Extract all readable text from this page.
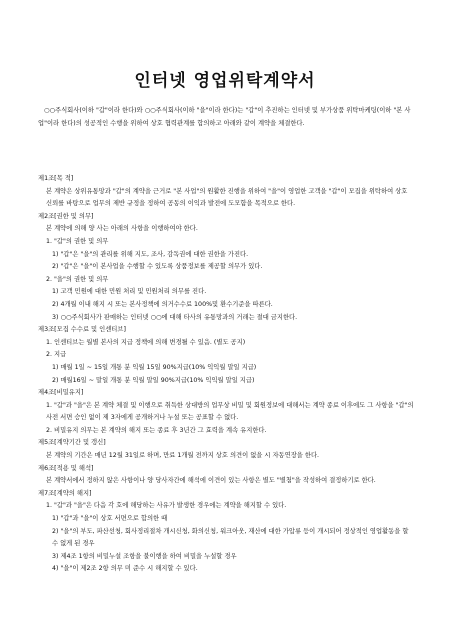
인터넷 영업위탁계약서
○○주식회사(이하 "갑"이라 한다)와 ○○주식회사(이하 "을"이라 한다)는 "갑"이 추진하는 인터넷 및 부가상품 위탁마케팅(이하 "본 사업"이라 한다)의 성공적인 수행을 위하여 상호 협력관계를 합의하고 아래와 같이 계약을 체결한다.
제1조[목 적]
본 계약은 상위유통망과 "갑"의 계약을 근거로 "본 사업"의 원활한 진행을 위하여 "을"이 영업한 고객을 "갑"이 모집을 위탁하여 상호 신뢰를 바탕으로 업무의 제반 규정을 정하여 공동의 이익과 발전에 도모함을 목적으로 한다.
제2조[권한 및 의무]
본 계약에 의해 양 사는 아래의 사항을 이행하여야 한다.
1. "갑"의 권한 및 의무
1) "갑"은 "을"의 관리를 위해 지도, 조사, 감독권에 대한 권한을 가진다.
2) "갑"은 "을"이 본사업을 수행할 수 있도록 상품정보를 제공할 의무가 있다.
2. "을"의 권한 및 의무
1) 고객 민원에 대한 민원 처리 및 민원처리 의무를 진다.
2) 4개월 이내 해지 시 또는 본사정책에 의거수수료 100%및 환수기준을 따른다.
3) ○○주식회사가 판매하는 인터넷 ○○에 대해 타사의 유통망과의 거래는 절대 금지한다.
제3조[모집 수수료 및 인센티브]
1. 인센티브는 월별 본사의 지급 정책에 의해 변경될 수 있음. (별도 공지)
2. 지급
1) 매월 1일 ~ 15일 개통 분 익월 15일 90%지급(10% 익익월 말일 지급)
2) 매월16일 ~ 말일 개통 분 익월 말일 90%지급(10% 익익월 말일 지급)
제4조[비밀유지]
1. "갑"과 "을"은 본 계약 체결 및 이행으로 취득한 상대방의 업무상 비밀 및 회원정보에 대해서는 계약 종료 이후에도 그 사항을 "갑"의 사전 서면 승인 없이 제 3자에게 공개하거나 누설 또는 공표할 수 없다.
2. 비밀유지 의무는 본 계약의 해지 또는 종료 후 3년간 그 효력을 계속 유지한다.
제5조[계약기간 및 갱신]
본 계약의 기간은 매년 12월 31일로 하며, 만료 1개월 전까지 상호 의견이 없을 시 자동연장을 한다.
제6조[적용 및 해석]
본 계약서에서 정하지 않은 사항이나 양 당사자간에 해석에 이견이 있는 사항은 별도 "별첨"을 작성하여 결정하기로 한다.
제7조[계약의 해지]
1. "갑"과 "을"은 다음 각 호에 해당하는 사유가 발생한 경우에는 계약을 해지할 수 있다.
1) "갑"과 "을"이 상호 서면으로 합의한 때
2) "을"의 부도, 파산선청, 회사정리절차 개시신청, 화의신청, 워크아웃, 재산에 대한 가압류 등이 개시되어 정상적인 영업활동을 할 수 없게 된 경우
3) 제4조 1항의 비밀누설 조항을 불이행을 하여 비밀을 누설할 경우
4) "을"이 제2조 2항 의무 미 준수 시 해지할 수 있다.
